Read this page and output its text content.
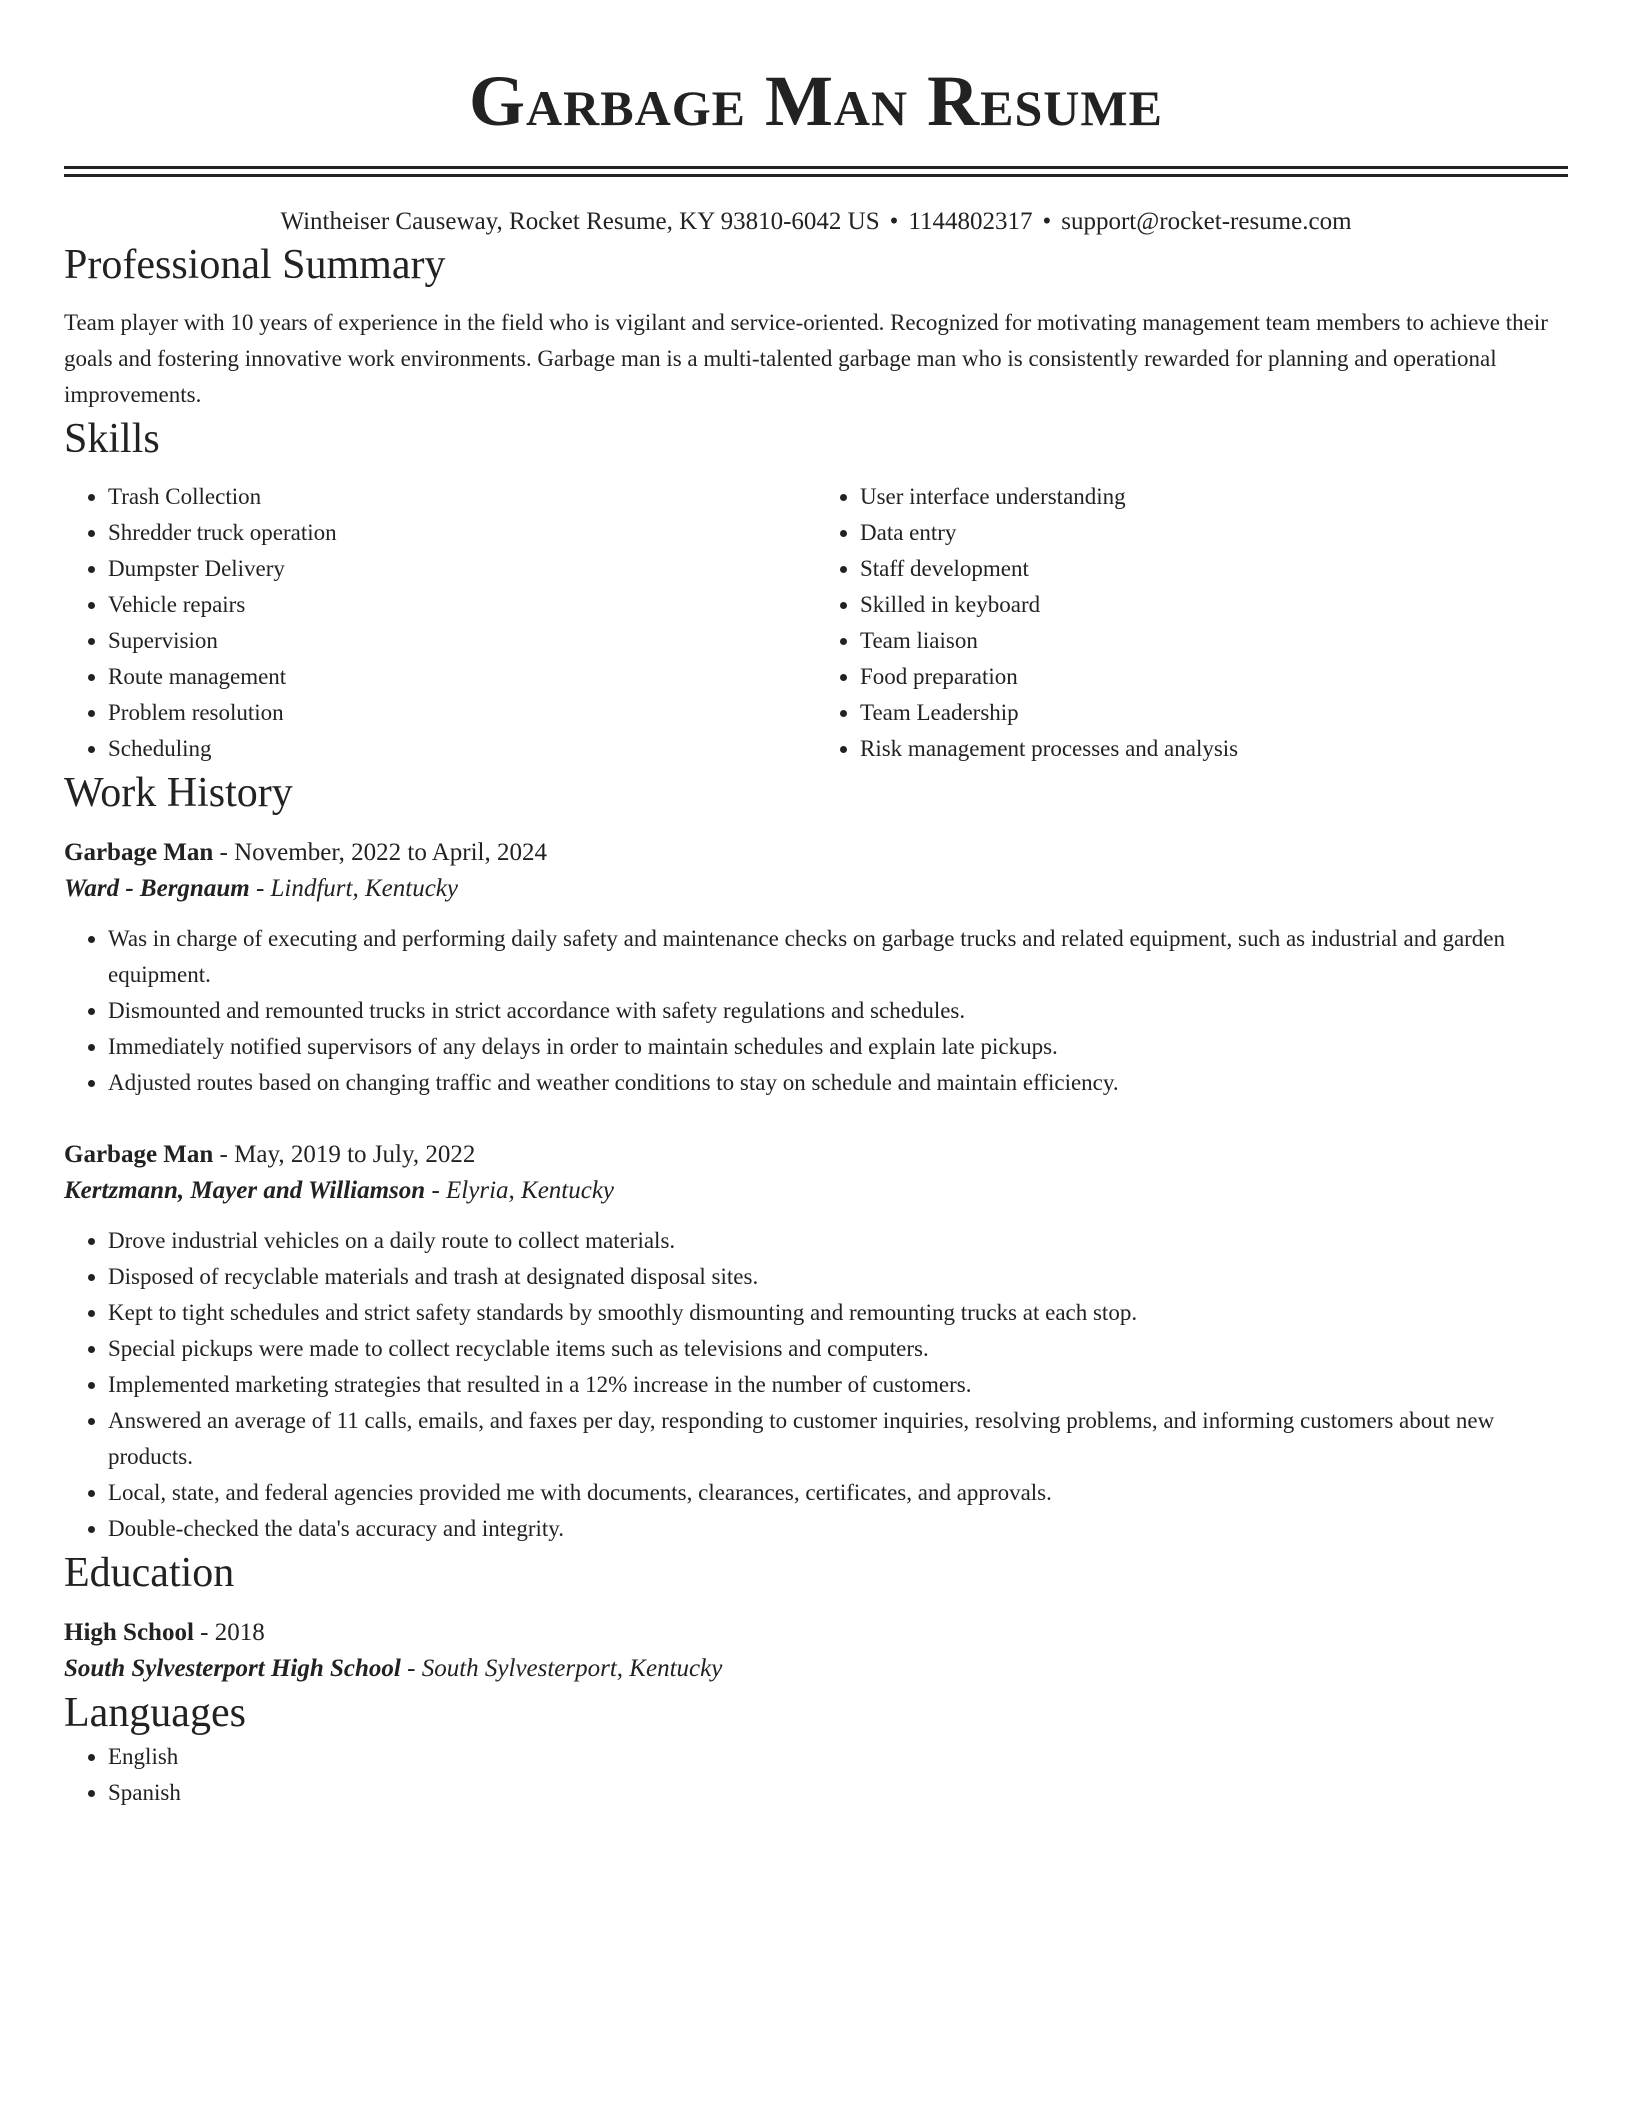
Garbage Man Resume
Wintheiser Causeway, Rocket Resume, KY 93810-6042 US • 1144802317 • support@rocket-resume.com
Professional Summary

Team player with 10 years of experience in the field who is vigilant and service-oriented. Recognized for motivating management team members to achieve their goals and fostering innovative work environments. Garbage man is a multi-talented garbage man who is consistently rewarded for planning and operational improvements.

Skills
• Trash Collection
• Shredder truck operation
• Dumpster Delivery
• Vehicle repairs
• Supervision
• Route management
• Problem resolution
• Scheduling
• User interface understanding
• Data entry
• Staff development
• Skilled in keyboard
• Team liaison
• Food preparation
• Team Leadership
• Risk management processes and analysis
Work History
Garbage Man - November, 2022 to April, 2024
Ward - Bergnaum - Lindfurt, Kentucky
• Was in charge of executing and performing daily safety and maintenance checks on garbage trucks and related equipment, such as industrial and garden equipment.
• Dismounted and remounted trucks in strict accordance with safety regulations and schedules.
• Immediately notified supervisors of any delays in order to maintain schedules and explain late pickups.
• Adjusted routes based on changing traffic and weather conditions to stay on schedule and maintain efficiency.
Garbage Man - May, 2019 to July, 2022
Kertzmann, Mayer and Williamson - Elyria, Kentucky
• Drove industrial vehicles on a daily route to collect materials.
• Disposed of recyclable materials and trash at designated disposal sites.
• Kept to tight schedules and strict safety standards by smoothly dismounting and remounting trucks at each stop.
• Special pickups were made to collect recyclable items such as televisions and computers.
• Implemented marketing strategies that resulted in a 12% increase in the number of customers.
• Answered an average of 11 calls, emails, and faxes per day, responding to customer inquiries, resolving problems, and informing customers about new products.
• Local, state, and federal agencies provided me with documents, clearances, certificates, and approvals.
• Double-checked the data's accuracy and integrity.
Education
High School - 2018
South Sylvesterport High School - South Sylvesterport, Kentucky
Languages
• English
• Spanish
